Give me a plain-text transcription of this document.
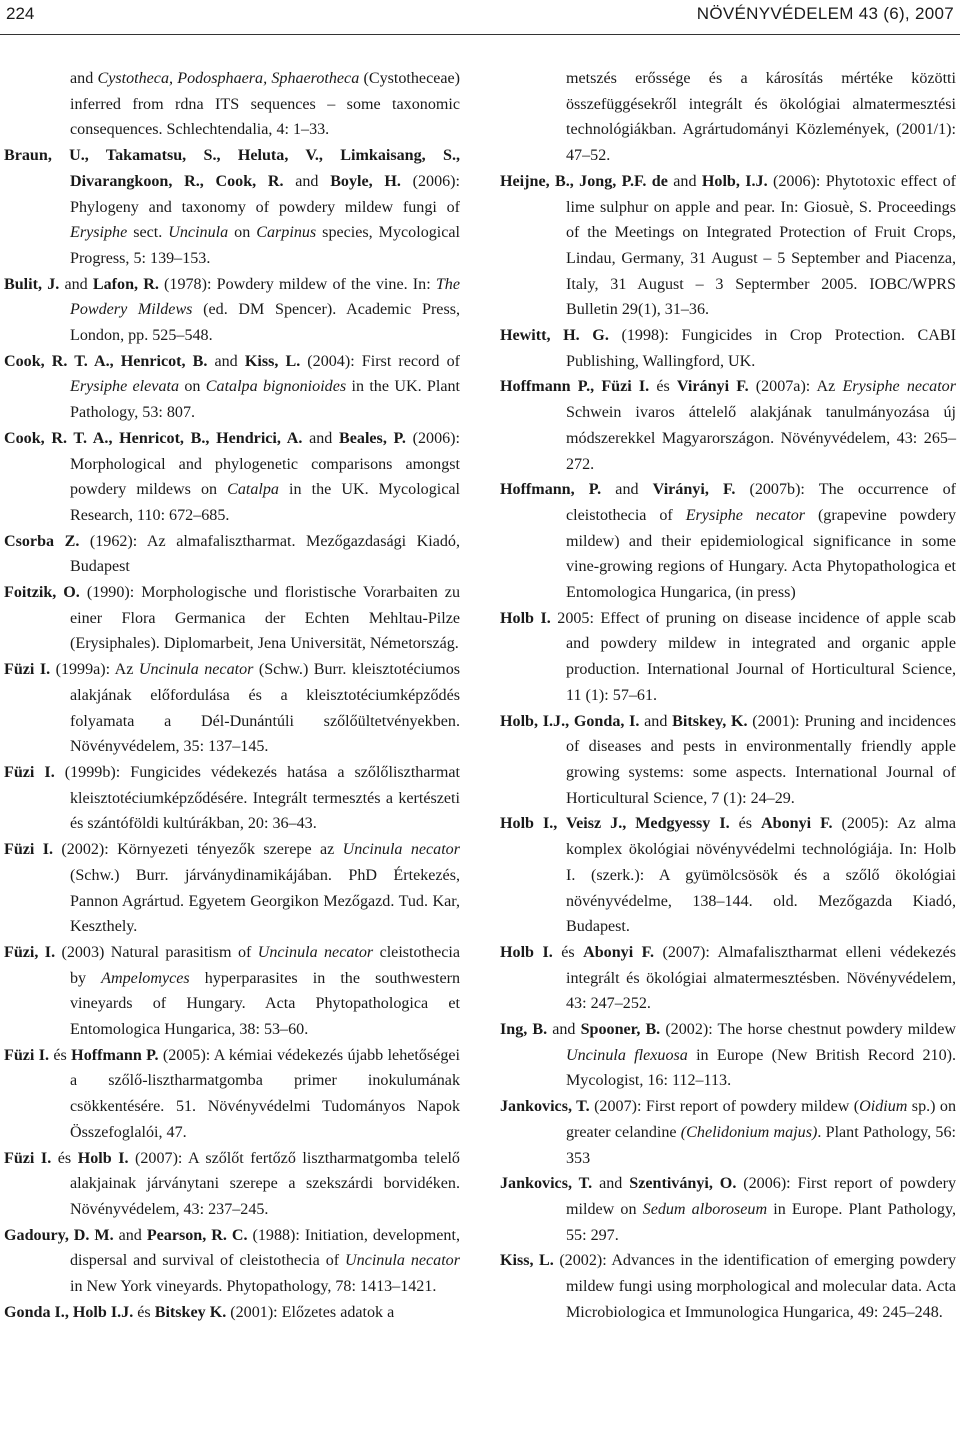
224	NÖVÉNYVÉDELEM 43 (6), 2007

and Cystotheca, Podosphaera, Sphaerotheca (Cystotheceae) inferred from rdna ITS sequences – some taxonomic consequences. Schlechtendalia, 4: 1–33.

Braun, U., Takamatsu, S., Heluta, V., Limkaisang, S., Divarangkoon, R., Cook, R. and Boyle, H. (2006): Phylogeny and taxonomy of powdery mildew fungi of Erysiphe sect. Uncinula on Carpinus species, Mycological Progress, 5: 139–153.

Bulit, J. and Lafon, R. (1978): Powdery mildew of the vine. In: The Powdery Mildews (ed. DM Spencer). Academic Press, London, pp. 525–548.

Cook, R. T. A., Henricot, B. and Kiss, L. (2004): First record of Erysiphe elevata on Catalpa bignonioides in the UK. Plant Pathology, 53: 807.

Cook, R. T. A., Henricot, B., Hendrici, A. and Beales, P. (2006): Morphological and phylogenetic comparisons amongst powdery mildews on Catalpa in the UK. Mycological Research, 110: 672–685.

Csorba Z. (1962): Az almafalisztharmat. Mezőgazdasági Kiadó, Budapest

Foitzik, O. (1990): Morphologische und floristische Vorarbaiten zu einer Flora Germanica der Echten Mehltau-Pilze (Erysiphales). Diplomarbeit, Jena Universität, Németország.

Füzi I. (1999a): Az Uncinula necator (Schw.) Burr. kleisztotéciumos alakjának előfordulása és a kleisztotéciumképződés folyamata a Dél-Dunántúli szőlőültetvényekben. Növényvédelem, 35: 137–145.

Füzi I. (1999b): Fungicides védekezés hatása a szőlőlisztharmat kleisztotéciumképződésére. Integrált termesztés a kertészeti és szántóföldi kultúrákban, 20: 36–43.

Füzi I. (2002): Környezeti tényezők szerepe az Uncinula necator (Schw.) Burr. járványdinamikájában. PhD Értekezés, Pannon Agrártud. Egyetem Georgikon Mezőgazd. Tud. Kar, Keszthely.

Füzi, I. (2003) Natural parasitism of Uncinula necator cleistothecia by Ampelomyces hyperparasites in the southwestern vineyards of Hungary. Acta Phytopathologica et Entomologica Hungarica, 38: 53–60.

Füzi I. és Hoffmann P. (2005): A kémiai védekezés újabb lehetőségei a szőlő-lisztharmatgomba primer inokulumának csökkentésére. 51. Növényvédelmi Tudományos Napok Összefoglalói, 47.

Füzi I. és Holb I. (2007): A szőlőt fertőző lisztharmatgomba telelő alakjainak járványtani szerepe a szekszárdi borvidéken. Növényvédelem, 43: 237–245.

Gadoury, D. M. and Pearson, R. C. (1988): Initiation, development, dispersal and survival of cleistothecia of Uncinula necator in New York vineyards. Phytopathology, 78: 1413–1421.

Gonda I., Holb I.J. és Bitskey K. (2001): Előzetes adatok a

metszés erőssége és a károsítás mértéke közötti összefüggésekről integrált és ökológiai almatermesztési technológiákban. Agrártudományi Közlemények, (2001/1): 47–52.

Heijne, B., Jong, P.F. de and Holb, I.J. (2006): Phytotoxic effect of lime sulphur on apple and pear. In: Giosuè, S. Proceedings of the Meetings on Integrated Protection of Fruit Crops, Lindau, Germany, 31 August – 5 September and Piacenza, Italy, 31 August – 3 Septermber 2005. IOBC/WPRS Bulletin 29(1), 31–36.

Hewitt, H. G. (1998): Fungicides in Crop Protection. CABI Publishing, Wallingford, UK.

Hoffmann P., Füzi I. és Virányi F. (2007a): Az Erysiphe necator Schwein ivaros áttelelő alakjának tanulmányozása új módszerekkel Magyarországon. Növényvédelem, 43: 265–272.

Hoffmann, P. and Virányi, F. (2007b): The occurrence of cleistothecia of Erysiphe necator (grapevine powdery mildew) and their epidemiological significance in some vine-growing regions of Hungary. Acta Phytopathologica et Entomologica Hungarica, (in press)

Holb I. 2005: Effect of pruning on disease incidence of apple scab and powdery mildew in integrated and organic apple production. International Journal of Horticultural Science, 11 (1): 57–61.

Holb, I.J., Gonda, I. and Bitskey, K. (2001): Pruning and incidences of diseases and pests in environmentally friendly apple growing systems: some aspects. International Journal of Horticultural Science, 7 (1): 24–29.

Holb I., Veisz J., Medgyessy I. és Abonyi F. (2005): Az alma komplex ökológiai növényvédelmi technológiája. In: Holb I. (szerk.): A gyümölcsösök és a szőlő ökológiai növényvédelme, 138–144. old. Mezőgazda Kiadó, Budapest.

Holb I. és Abonyi F. (2007): Almafalisztharmat elleni védekezés integrált és ökológiai almatermesztésben. Növényvédelem, 43: 247–252.

Ing, B. and Spooner, B. (2002): The horse chestnut powdery mildew Uncinula flexuosa in Europe (New British Record 210). Mycologist, 16: 112–113.

Jankovics, T. (2007): First report of powdery mildew (Oidium sp.) on greater celandine (Chelidonium majus). Plant Pathology, 56: 353

Jankovics, T. and Szentiványi, O. (2006): First report of powdery mildew on Sedum alboroseum in Europe. Plant Pathology, 55: 297.

Kiss, L. (2002): Advances in the identification of emerging powdery mildew fungi using morphological and molecular data. Acta Microbiologica et Immunologica Hungarica, 49: 245–248.
